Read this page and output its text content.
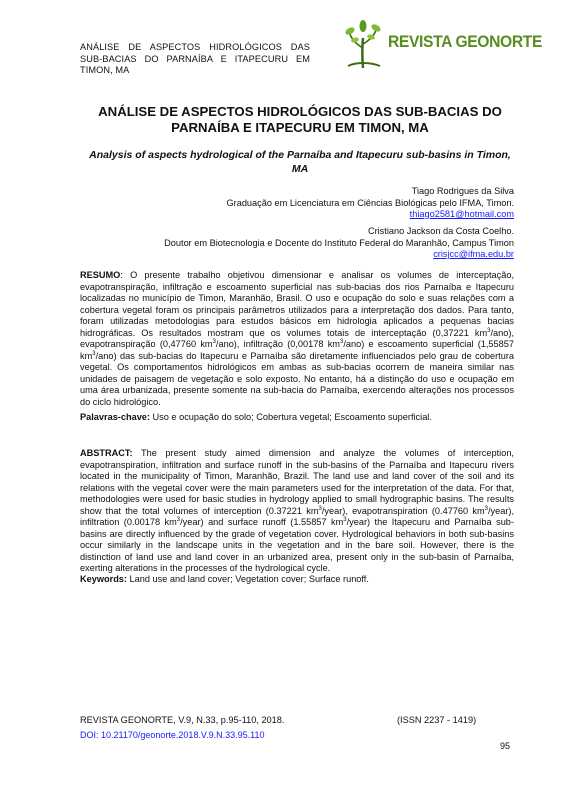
ANÁLISE DE ASPECTOS HIDROLÓGICOS DAS SUB-BACIAS DO PARNAÍBA E ITAPECURU EM TIMON, MA
REVISTA GEONORTE
ANÁLISE DE ASPECTOS HIDROLÓGICOS DAS SUB-BACIAS DO PARNAÍBA E ITAPECURU EM TIMON, MA
Analysis of aspects hydrological of the Parnaíba and Itapecuru sub-basins in Timon, MA
Tiago Rodrigues da Silva
Graduação em Licenciatura em Ciências Biológicas pelo IFMA, Timon.
thiago2581@hotmail.com
Cristiano Jackson da Costa Coelho.
Doutor em Biotecnologia e Docente do Instituto Federal do Maranhão, Campus Timon
crisjcc@ifma.edu.br
RESUMO: O presente trabalho objetivou dimensionar e analisar os volumes de interceptação, evapotranspiração, infiltração e escoamento superficial nas sub-bacias dos rios Parnaíba e Itapecuru localizadas no município de Timon, Maranhão, Brasil. O uso e ocupação do solo e suas relações com a cobertura vegetal foram os principais parâmetros utilizados para a interpretação dos dados. Para tanto, foram utilizadas metodologias para estudos básicos em hidrologia aplicados a pequenas bacias hidrográficas. Os resultados mostram que os volumes totais de interceptação (0,37221 $km^3/ano$), evapotranspiração (0,47760 $km^3/ano$), infiltração (0,00178 $km^3/ano$) e escoamento superficial (1,55857 $km^3/ano$) das sub-bacias do Itapecuru e Parnaíba são diretamente influenciados pelo grau de cobertura vegetal. Os comportamentos hidrológicos em ambas as sub-bacias ocorrem de maneira similar nas unidades de paisagem de vegetação e solo exposto. No entanto, há a distinção do uso e ocupação em uma área urbanizada, presente somente na sub-bacia do Parnaíba, exercendo alterações nos processos do ciclo hidrológico.
Palavras-chave: Uso e ocupação do solo; Cobertura vegetal; Escoamento superficial.
ABSTRACT: The present study aimed dimension and analyze the volumes of interception, evapotranspiration, infiltration and surface runoff in the sub-basins of the Parnaíba and Itapecuru rivers located in the municipality of Timon, Maranhão, Brazil. The land use and land cover of the soil and its relations with the vegetal cover were the main parameters used for the interpretation of the data. For that, methodologies were used for basic studies in hydrology applied to small hydrographic basins. The results show that the total volumes of interception (0.37221 $km^3/year$), evapotranspiration (0.47760 $km^3/year$), infiltration (0.00178 $km^3/year$) and surface runoff (1.55857 $km^3/year$) the Itapecuru and Parnaíba sub-basins are directly influenced by the grade of vegetation cover. Hydrological behaviors in both sub-basins occur similarly in the landscape units in the vegetation and in the bare soil. However, there is the distinction of land use and land cover in an urbanized area, present only in the sub-basin of Parnaíba, exerting alterations in the processes of the hydrological cycle.
Keywords: Land use and land cover; Vegetation cover; Surface runoff.
REVISTA GEONORTE, V.9, N.33, p.95-110, 2018.	(ISSN 2237 - 1419)
DOI: 10.21170/geonorte.2018.V.9.N.33.95.110
95
